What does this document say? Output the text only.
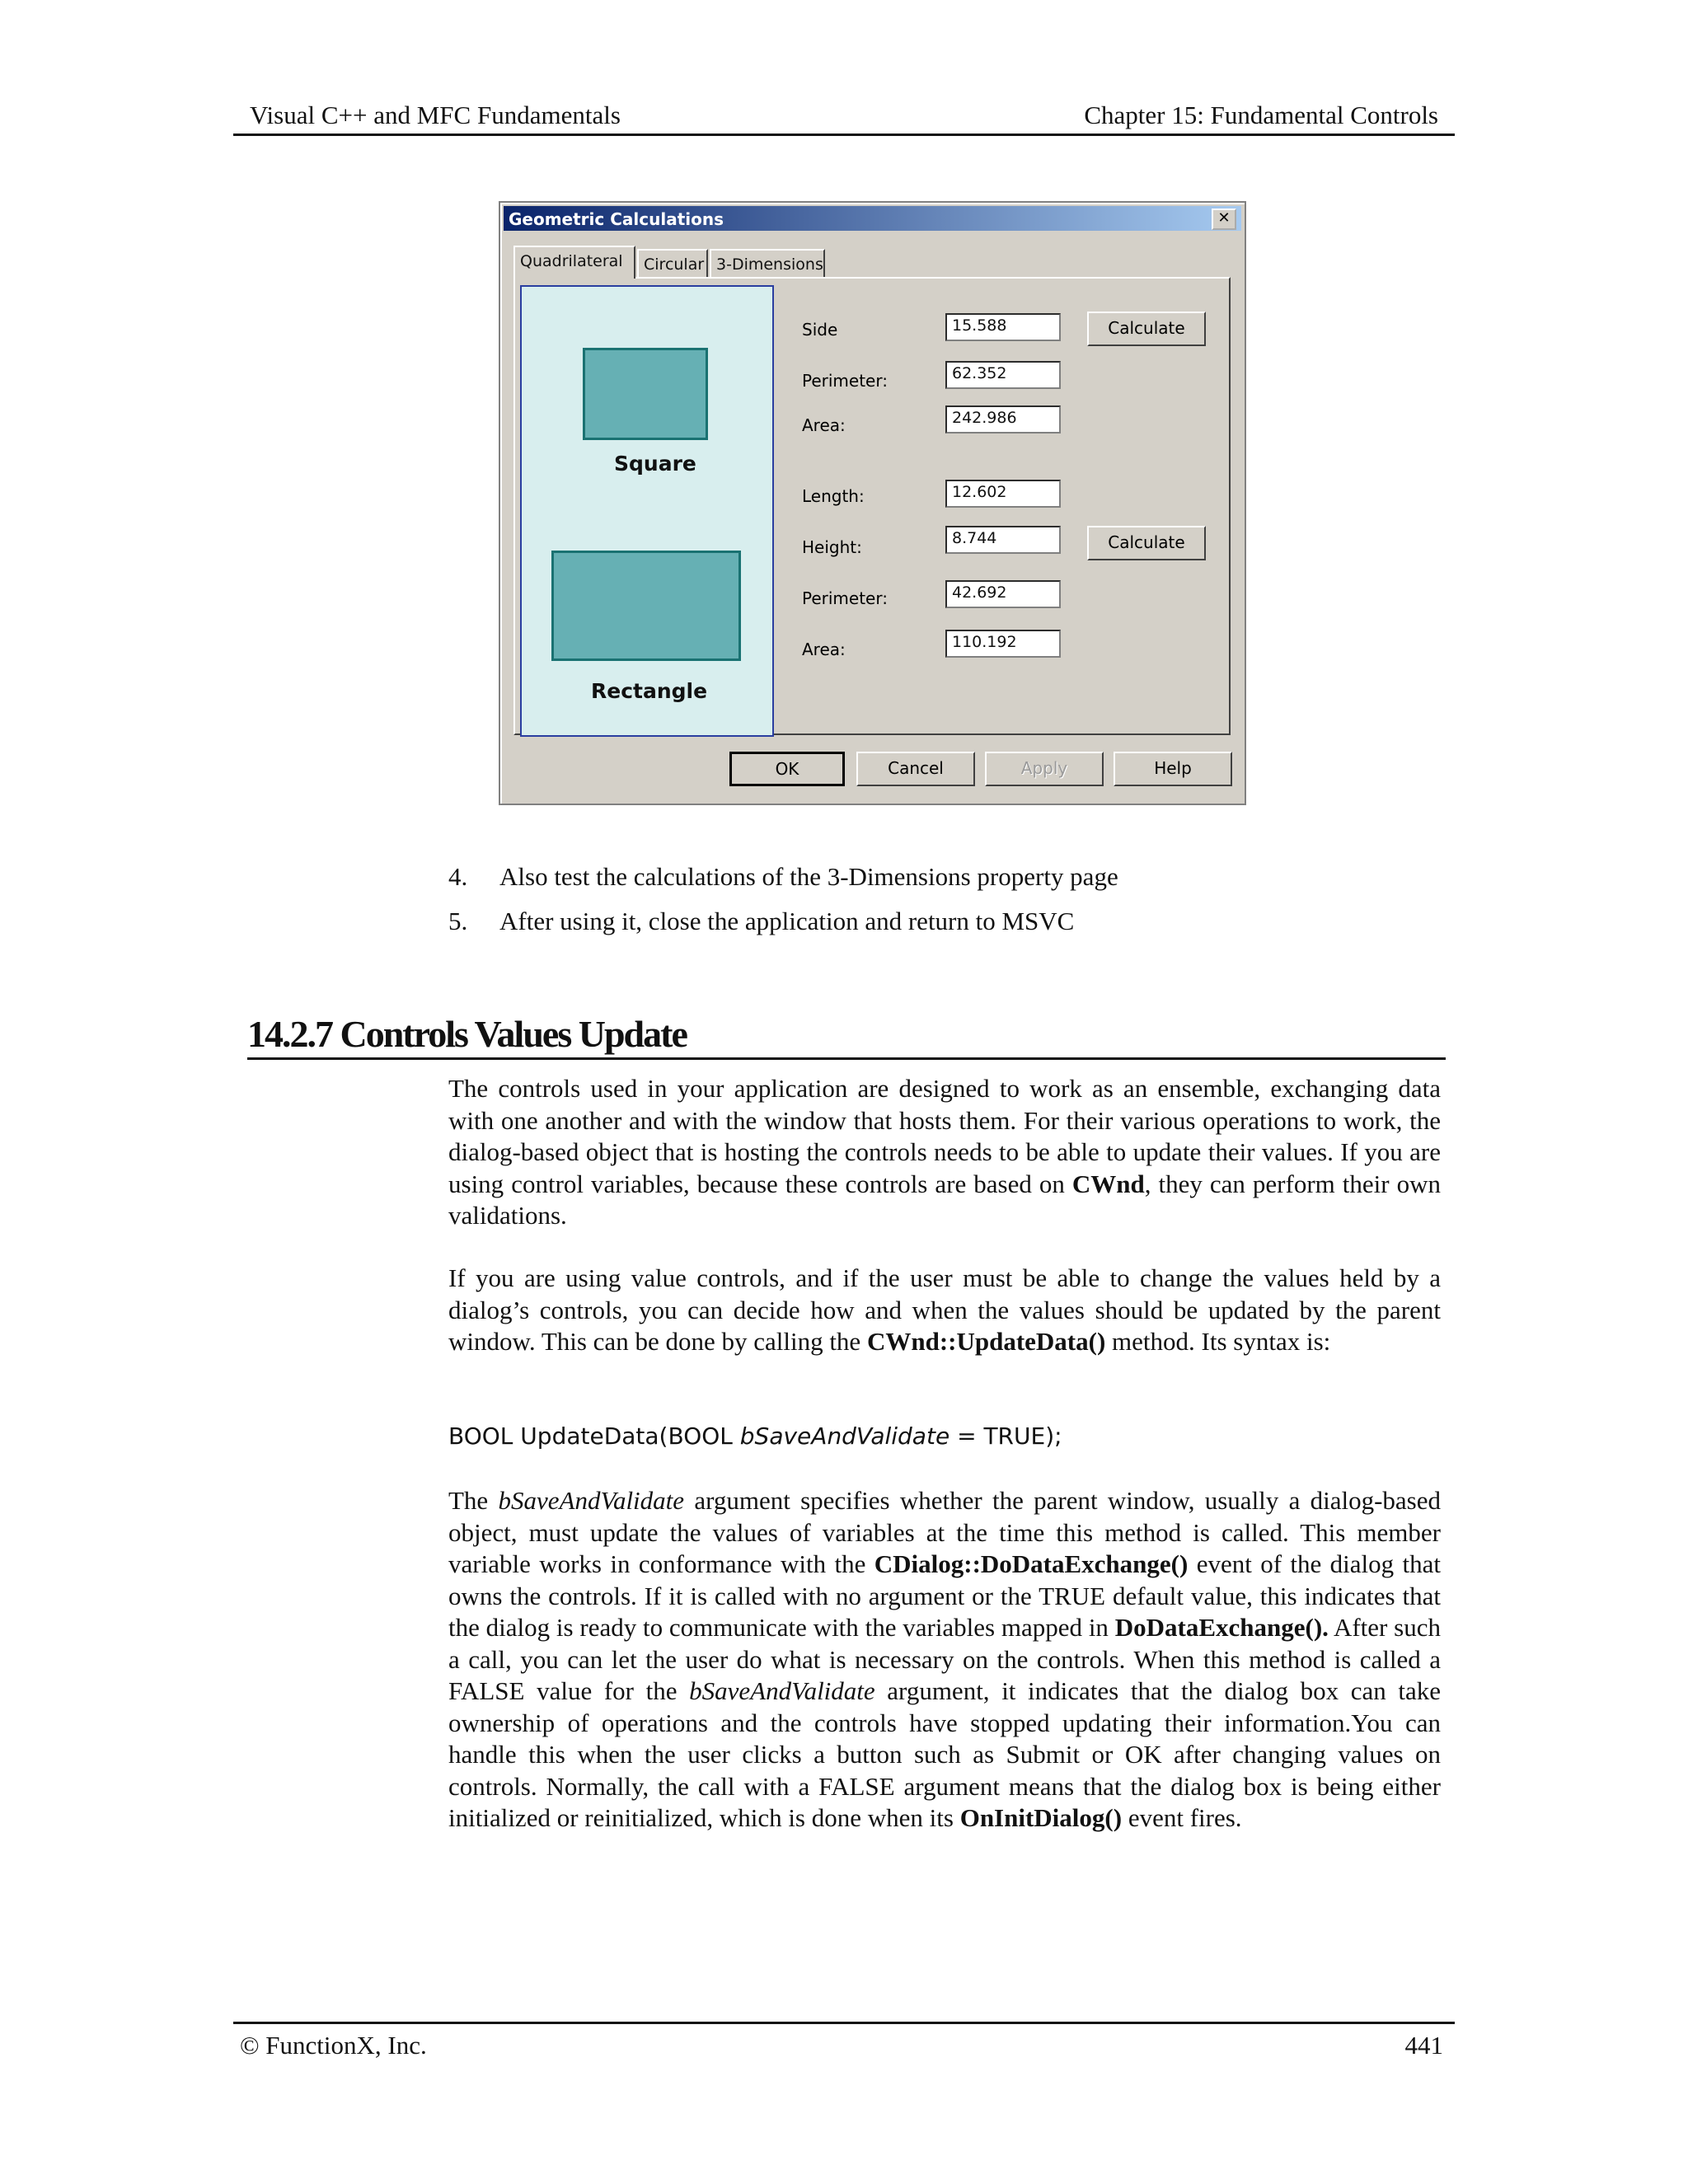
Visual C++ and MFC Fundamentals	Chapter 15: Fundamental Controls
Geometric Calculations	✕
Quadrilateral	Circular 3-Dimensions
Square
Rectangle
Side	15.588	Calculate
Perimeter:	62.352
Area:	242.986
Length:	12.602
Height:	8.744	Calculate
Perimeter:	42.692
Area:	110.192
OK	Cancel	Apply	Help
4. Also test the calculations of the 3-Dimensions property page
5. After using it, close the application and return to MSVC
14.2.7 Controls Values Update
The controls used in your application are designed to work as an ensemble, exchanging data with one another and with the window that hosts them. For their various operations to work, the dialog-based object that is hosting the controls needs to be able to update their values. If you are using control variables, because these controls are based on CWnd, they can perform their own validations.
If you are using value controls, and if the user must be able to change the values held by a dialog’s controls, you can decide how and when the values should be updated by the parent window. This can be done by calling the CWnd::UpdateData() method. Its syntax is:
BOOL UpdateData(BOOL bSaveAndValidate = TRUE);
The bSaveAndValidate argument specifies whether the parent window, usually a dialog-based object, must update the values of variables at the time this method is called. This member variable works in conformance with the CDialog::DoDataExchange() event of the dialog that owns the controls. If it is called with no argument or the TRUE default value, this indicates that the dialog is ready to communicate with the variables mapped in DoDataExchange(). After such a call, you can let the user do what is necessary on the controls. When this method is called a FALSE value for the bSaveAndValidate argument, it indicates that the dialog box can take ownership of operations and the controls have stopped updating their information.You can handle this when the user clicks a button such as Submit or OK after changing values on controls. Normally, the call with a FALSE argument means that the dialog box is being either initialized or reinitialized, which is done when its OnInitDialog() event fires.
© FunctionX, Inc.	441
